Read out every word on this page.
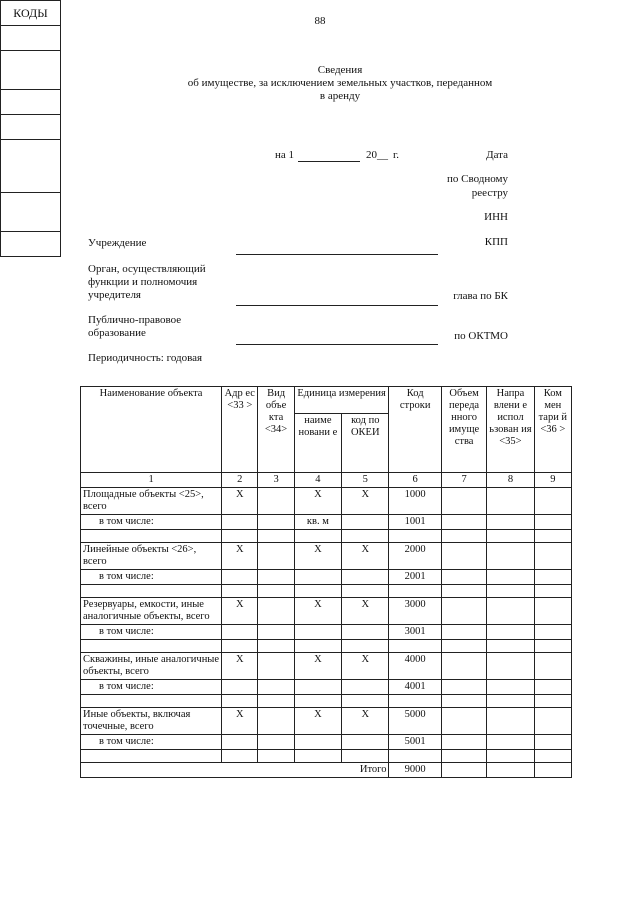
88
Сведения
об имуществе, за исключением земельных участков, переданном
в аренду
КОДЫ

на 1	20__ г.	Дата
по Сводному
реестру
ИНН
КПП
глава по БК
по ОКТМО
Учреждение
Орган, осуществляющий
функции и полномочия
учредителя
Публично-правовое
образование
Периодичность: годовая
Наименование объекта	Адр ес <33 >	Вид объе кта <34>	Единица измерения		Код строки	Объем переда нного имуще ства	Напра влени е испол ьзован ия <35>	Ком мен тари й <36 >
			наиме новани е	код по ОКЕИ				
1	2	3	4	5	6	7	8	9
Площадные объекты <25>, всего	X		X	X	1000			
в том числе:			кв. м		1001			

Линейные объекты <26>, всего	X		X	X	2000			
в том числе:					2001			

Резервуары, емкости, иные аналогичные объекты, всего	X		X	X	3000			
в том числе:					3001			

Скважины, иные аналогичные объекты, всего	X		X	X	4000			
в том числе:					4001			

Иные объекты, включая точечные, всего	X		X	X	5000			
в том числе:					5001			

Итого					9000			
